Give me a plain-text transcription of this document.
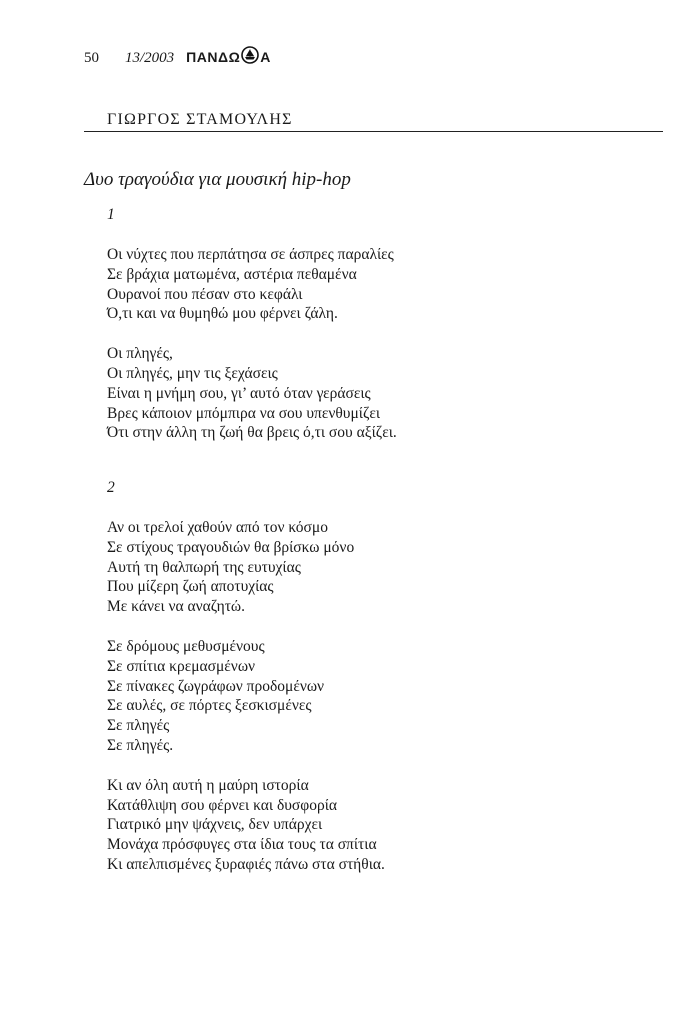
50 13/2003 ΠΑΝΔΩ Α
ΓΙΩΡΓΟΣ ΣΤΑΜΟΥΛΗΣ
Δυο τραγούδια για μουσική hip-hop
1
Οι νύχτες που περπάτησα σε άσπρες παραλίες
Σε βράχια ματωμένα, αστέρια πεθαμένα
Ουρανοί που πέσαν στο κεφάλι
Ό,τι και να θυμηθώ μου φέρνει ζάλη.
Οι πληγές,
Οι πληγές, μην τις ξεχάσεις
Είναι η μνήμη σου, γι’ αυτό όταν γεράσεις
Βρες κάποιον μπόμπιρα να σου υπενθυμίζει
Ότι στην άλλη τη ζωή θα βρεις ό,τι σου αξίζει.
2
Αν οι τρελοί χαθούν από τον κόσμο
Σε στίχους τραγουδιών θα βρίσκω μόνο
Αυτή τη θαλπωρή της ευτυχίας
Που μίζερη ζωή αποτυχίας
Με κάνει να αναζητώ.
Σε δρόμους μεθυσμένους
Σε σπίτια κρεμασμένων
Σε πίνακες ζωγράφων προδομένων
Σε αυλές, σε πόρτες ξεσκισμένες
Σε πληγές
Σε πληγές.
Κι αν όλη αυτή η μαύρη ιστορία
Κατάθλιψη σου φέρνει και δυσφορία
Γιατρικό μην ψάχνεις, δεν υπάρχει
Μονάχα πρόσφυγες στα ίδια τους τα σπίτια
Κι απελπισμένες ξυραφιές πάνω στα στήθια.
